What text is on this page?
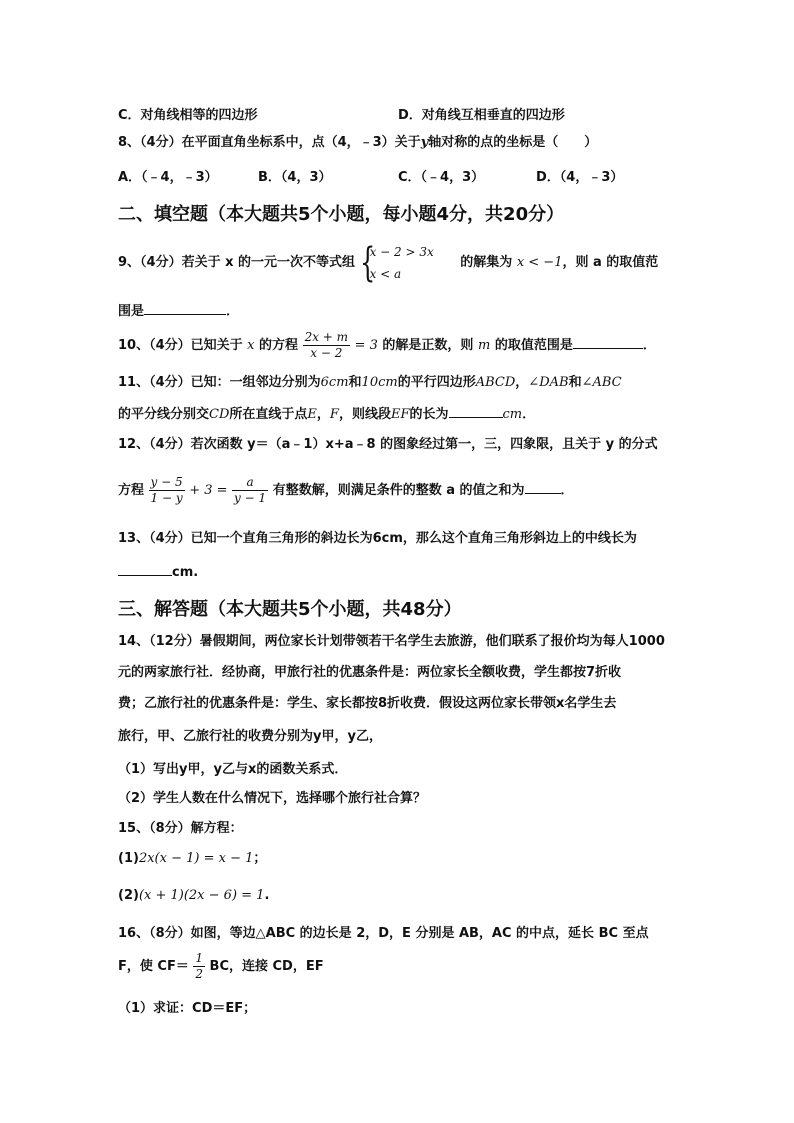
C．对角线相等的四边形	D．对角线互相垂直的四边形
8、（4分）在平面直角坐标系中，点（4，﹣3）关于y轴对称的点的坐标是（　　）
A．（﹣4，﹣3）	B．（4，3）	C．（﹣4，3）	D．（4，﹣3）
二、填空题（本大题共5个小题，每小题4分，共20分）
9、（4分）若关于 x 的一元一次不等式组 {
x − 2 > 3x
x < a
的解集为 x < −1，则 a 的取值范
围是	．
10、（4分）已知关于 x 的方程 $\frac{2x + m}{x - 2} = 3$ 的解是正数，则 m 的取值范围是	．
11、（4分）已知：一组邻边分别为6cm和10cm的平行四边形ABCD，∠DAB和∠ABC
的平分线分别交CD所在直线于点E，F，则线段EF的长为	cm．
12、（4分）若次函数 y＝（a﹣1）x+a﹣8 的图象经过第一，三，四象限，且关于 y 的分式
方程 $\frac{y - 5}{1 - y} + 3 = \frac{a}{y - 1}$ 有整数解，则满足条件的整数 a 的值之和为	．
13、（4分）已知一个直角三角形的斜边长为6cm，那么这个直角三角形斜边上的中线长为
cm.
三、解答题（本大题共5个小题，共48分）
14、（12分）暑假期间，两位家长计划带领若干名学生去旅游，他们联系了报价均为每人1000
元的两家旅行社．经协商，甲旅行社的优惠条件是：两位家长全额收费，学生都按7折收
费；乙旅行社的优惠条件是：学生、家长都按8折收费．假设这两位家长带领x名学生去
旅行，甲、乙旅行社的收费分别为y甲，y乙，
（1）写出y甲，y乙与x的函数关系式．
（2）学生人数在什么情况下，选择哪个旅行社合算？
15、（8分）解方程：
(1)2x(x − 1) = x − 1；
(2)(x + 1)(2x − 6) = 1.
16、（8分）如图，等边△ABC 的边长是 2，D，E 分别是 AB，AC 的中点，延长 BC 至点
F，使 $CF= \frac{1}{2}$ BC，连接 CD，EF
（1）求证：CD＝EF；
